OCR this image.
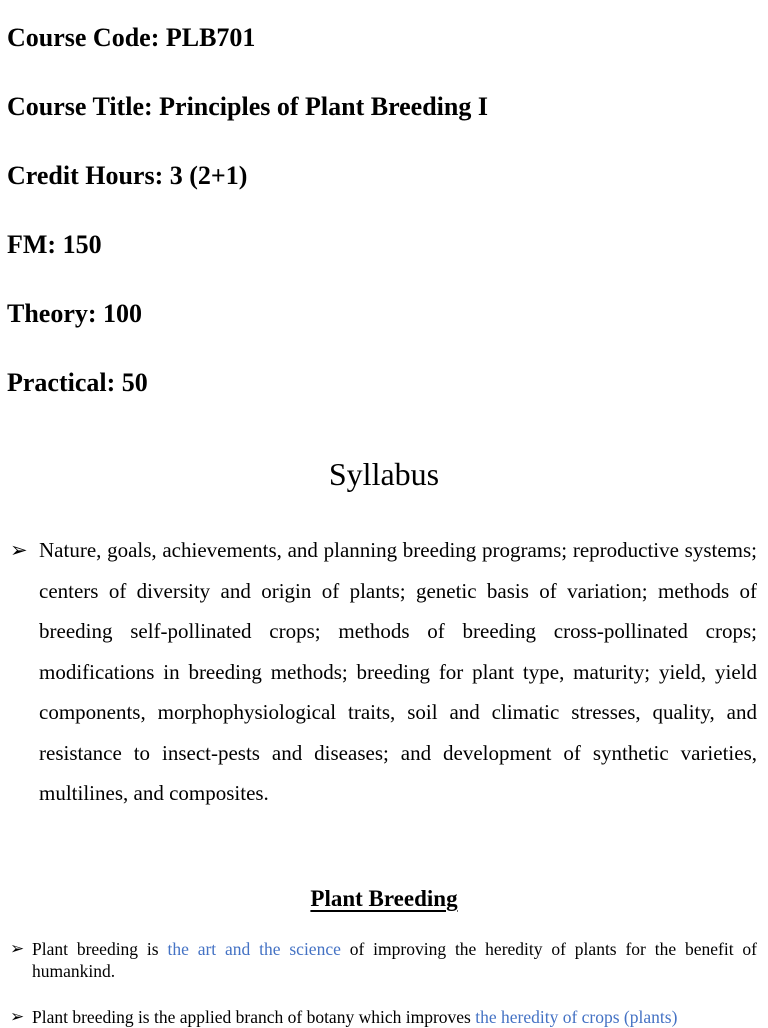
Course Code: PLB701

Course Title: Principles of Plant Breeding I

Credit Hours: 3 (2+1)

FM: 150

Theory: 100

Practical: 50

Syllabus
➢ Nature, goals, achievements, and planning breeding programs; reproductive systems; centers of diversity and origin of plants; genetic basis of variation; methods of breeding self-pollinated crops; methods of breeding cross-pollinated crops; modifications in breeding methods; breeding for plant type, maturity; yield, yield components, morphophysiological traits, soil and climatic stresses, quality, and resistance to insect-pests and diseases; and development of synthetic varieties, multilines, and composites.

Plant Breeding
➢ Plant breeding is the art and the science of improving the heredity of plants for the benefit of humankind.

➢ Plant breeding is the applied branch of botany which improves the heredity of crops (plants)
